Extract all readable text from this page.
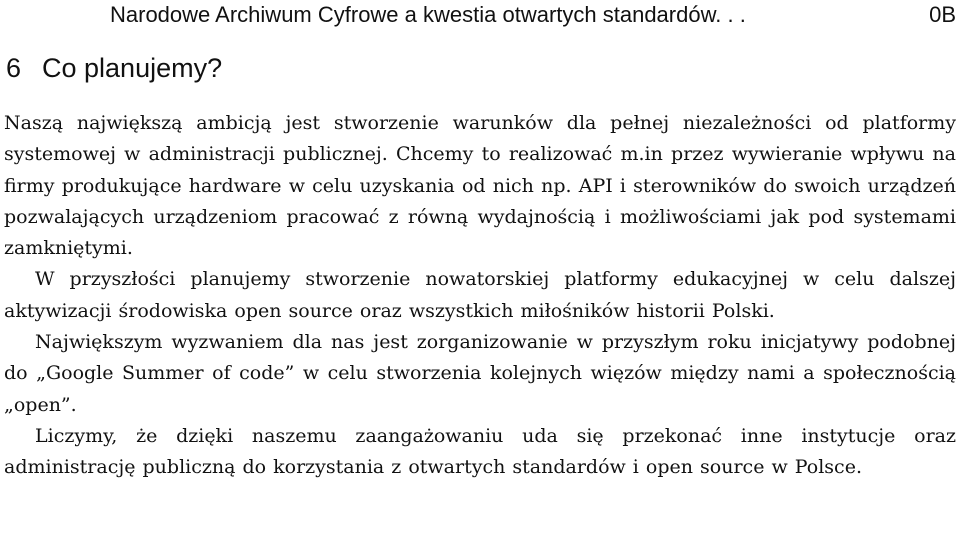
Narodowe Archiwum Cyfrowe a kwestia otwartych standardów. . .	0B
6 Co planujemy?

Naszą największą ambicją jest stworzenie warunków dla pełnej niezależności od platformy systemowej w administracji publicznej. Chcemy to realizować m.in przez wywieranie wpływu na firmy produkujące hardware w celu uzyskania od nich np. API i sterowników do swoich urządzeń pozwalających urządzeniom pracować z równą wydajnością i możliwościami jak pod systemami zamkniętymi.

W przyszłości planujemy stworzenie nowatorskiej platformy edukacyjnej w celu dalszej aktywizacji środowiska open source oraz wszystkich miłośników historii Polski.

Największym wyzwaniem dla nas jest zorganizowanie w przyszłym roku inicjatywy podobnej do „Google Summer of code” w celu stworzenia kolejnych więzów między nami a społecznością „open”.

Liczymy, że dzięki naszemu zaangażowaniu uda się przekonać inne instytucje oraz administrację publiczną do korzystania z otwartych standardów i open source w Polsce.
